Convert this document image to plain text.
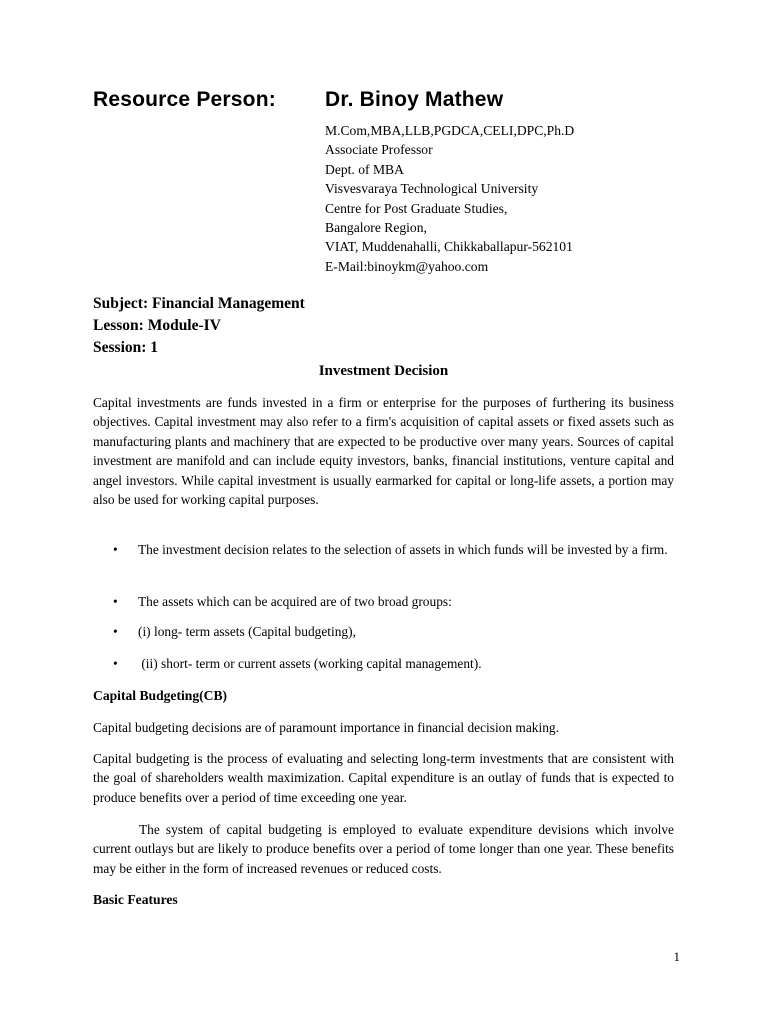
Resource Person: Dr. Binoy Mathew
M.Com,MBA,LLB,PGDCA,CELI,DPC,Ph.D
Associate Professor
Dept. of MBA
Visvesvaraya Technological University
Centre for Post Graduate Studies,
Bangalore Region,
VIAT, Muddenahalli, Chikkaballapur-562101
E-Mail:binoykm@yahoo.com
Subject: Financial Management
Lesson: Module-IV
Session: 1
Investment Decision

Capital investments are funds invested in a firm or enterprise for the purposes of furthering its business objectives. Capital investment may also refer to a firm's acquisition of capital assets or fixed assets such as manufacturing plants and machinery that are expected to be productive over many years. Sources of capital investment are manifold and can include equity investors, banks, financial institutions, venture capital and angel investors. While capital investment is usually earmarked for capital or long-life assets, a portion may also be used for working capital purposes.

• The investment decision relates to the selection of assets in which funds will be invested by a firm.
• The assets which can be acquired are of two broad groups:
• (i) long- term assets (Capital budgeting),
• (ii) short- term or current assets (working capital management).
Capital Budgeting(CB)

Capital budgeting decisions are of paramount importance in financial decision making.

Capital budgeting is the process of evaluating and selecting long-term investments that are consistent with the goal of shareholders wealth maximization. Capital expenditure is an outlay of funds that is expected to produce benefits over a period of time exceeding one year.

The system of capital budgeting is employed to evaluate expenditure devisions which involve current outlays but are likely to produce benefits over a period of tome longer than one year. These benefits may be either in the form of increased revenues or reduced costs.

Basic Features
1
